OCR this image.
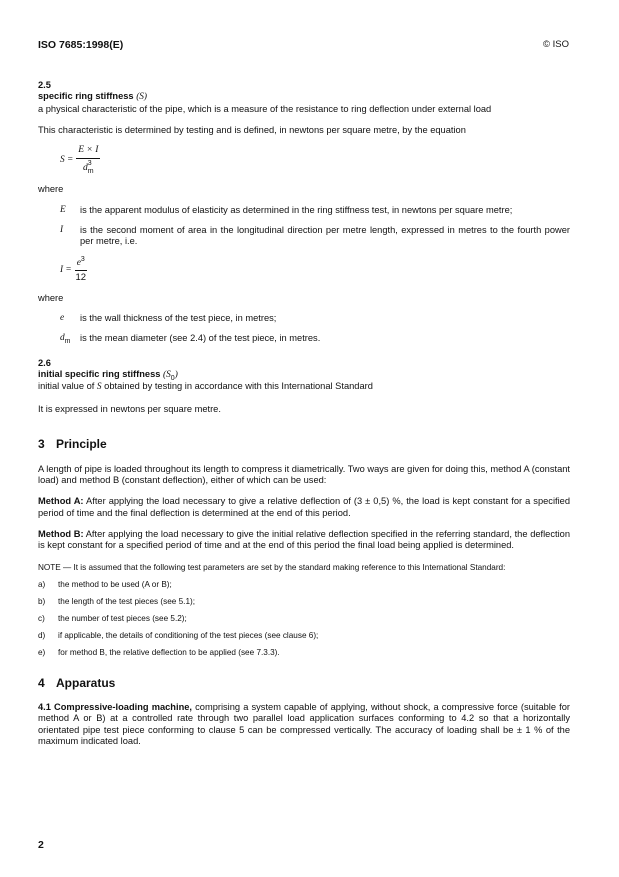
ISO 7685:1998(E)	© ISO

2.5

specific ring stiffness (S)

a physical characteristic of the pipe, which is a measure of the resistance to ring deflection under external load

This characteristic is determined by testing and is defined, in newtons per square metre, by the equation

S = E × I
d 3
m

where

E	is the apparent modulus of elasticity as determined in the ring stiffness test, in newtons per square metre;
I	is the second moment of area in the longitudinal direction per metre length, expressed in metres to the fourth power per metre, i.e.
$I = \frac{e^3}{12}$

where

e	is the wall thickness of the test piece, in metres;
$d_m$	is the mean diameter (see 2.4) of the test piece, in metres.

2.6

initial specific ring stiffness $(S_0)$

initial value of S obtained by testing in accordance with this International Standard

It is expressed in newtons per square metre.

3 Principle

A length of pipe is loaded throughout its length to compress it diametrically. Two ways are given for doing this, method A (constant load) and method B (constant deflection), either of which can be used:

Method A: After applying the load necessary to give a relative deflection of (3 ± 0,5) %, the load is kept constant for a specified period of time and the final deflection is determined at the end of this period.

Method B: After applying the load necessary to give the initial relative deflection specified in the referring standard, the deflection is kept constant for a specified period of time and at the end of this period the final load being applied is determined.

NOTE — It is assumed that the following test parameters are set by the standard making reference to this International Standard:

a)	the method to be used (A or B);
b)	the length of the test pieces (see 5.1);
c)	the number of test pieces (see 5.2);
d)	if applicable, the details of conditioning of the test pieces (see clause 6);
e)	for method B, the relative deflection to be applied (see 7.3.3).
4 Apparatus

4.1 Compressive-loading machine, comprising a system capable of applying, without shock, a compressive force (suitable for method A or B) at a controlled rate through two parallel load application surfaces conforming to 4.2 so that a horizontally orientated pipe test piece conforming to clause 5 can be compressed vertically. The accuracy of loading shall be ± 1 % of the maximum indicated load.

2
